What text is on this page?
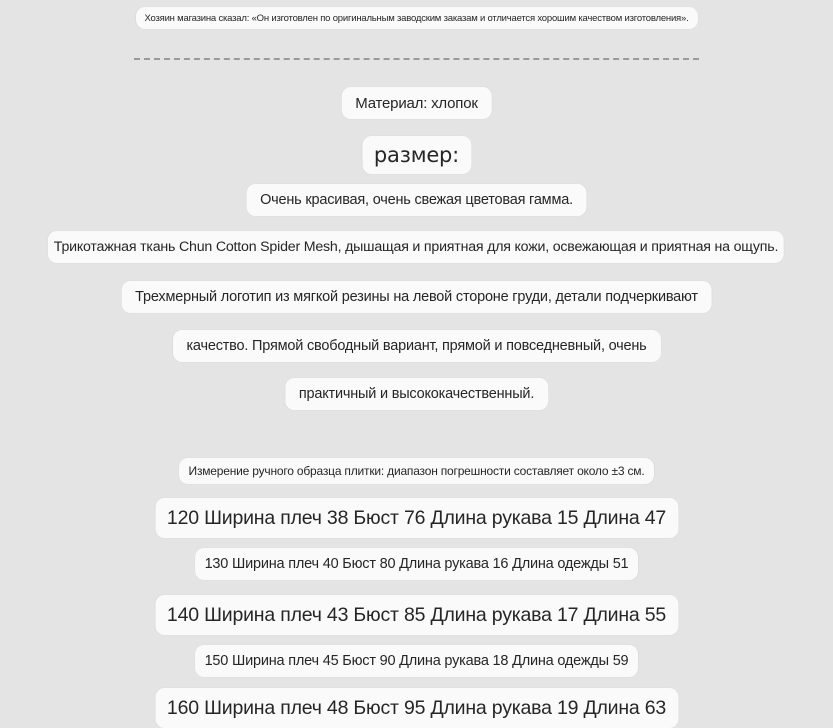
Хозяин магазина сказал: «Он изготовлен по оригинальным заводским заказам и отличается хорошим качеством изготовления».
Материал: хлопок
размер:
Очень красивая, очень свежая цветовая гамма.
Трикотажная ткань Chun Cotton Spider Mesh, дышащая и приятная для кожи, освежающая и приятная на ощупь.
Трехмерный логотип из мягкой резины на левой стороне груди, детали подчеркивают
качество. Прямой свободный вариант, прямой и повседневный, очень
практичный и высококачественный.
Измерение ручного образца плитки: диапазон погрешности составляет около ±3 см.
120 Ширина плеч 38 Бюст 76 Длина рукава 15 Длина 47
130 Ширина плеч 40 Бюст 80 Длина рукава 16 Длина одежды 51
140 Ширина плеч 43 Бюст 85 Длина рукава 17 Длина 55
150 Ширина плеч 45 Бюст 90 Длина рукава 18 Длина одежды 59
160 Ширина плеч 48 Бюст 95 Длина рукава 19 Длина 63
